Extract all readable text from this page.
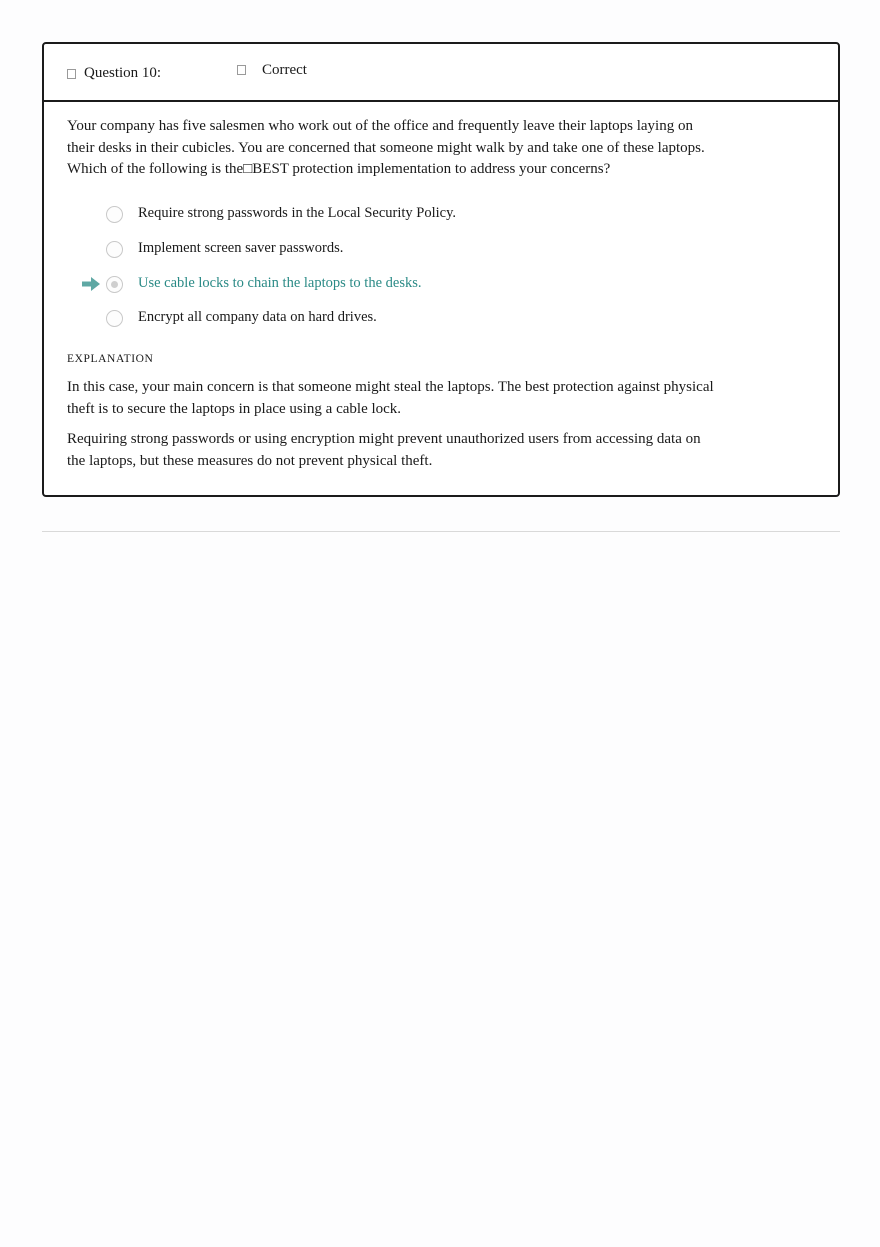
Question 10:	Correct
Your company has five salesmen who work out of the office and frequently leave their laptops laying on their desks in their cubicles. You are concerned that someone might walk by and take one of these laptops. Which of the following is the□BEST protection implementation to address your concerns?
Require strong passwords in the Local Security Policy.
Implement screen saver passwords.
Use cable locks to chain the laptops to the desks.
Encrypt all company data on hard drives.
EXPLANATION
In this case, your main concern is that someone might steal the laptops. The best protection against physical theft is to secure the laptops in place using a cable lock.
Requiring strong passwords or using encryption might prevent unauthorized users from accessing data on the laptops, but these measures do not prevent physical theft.
